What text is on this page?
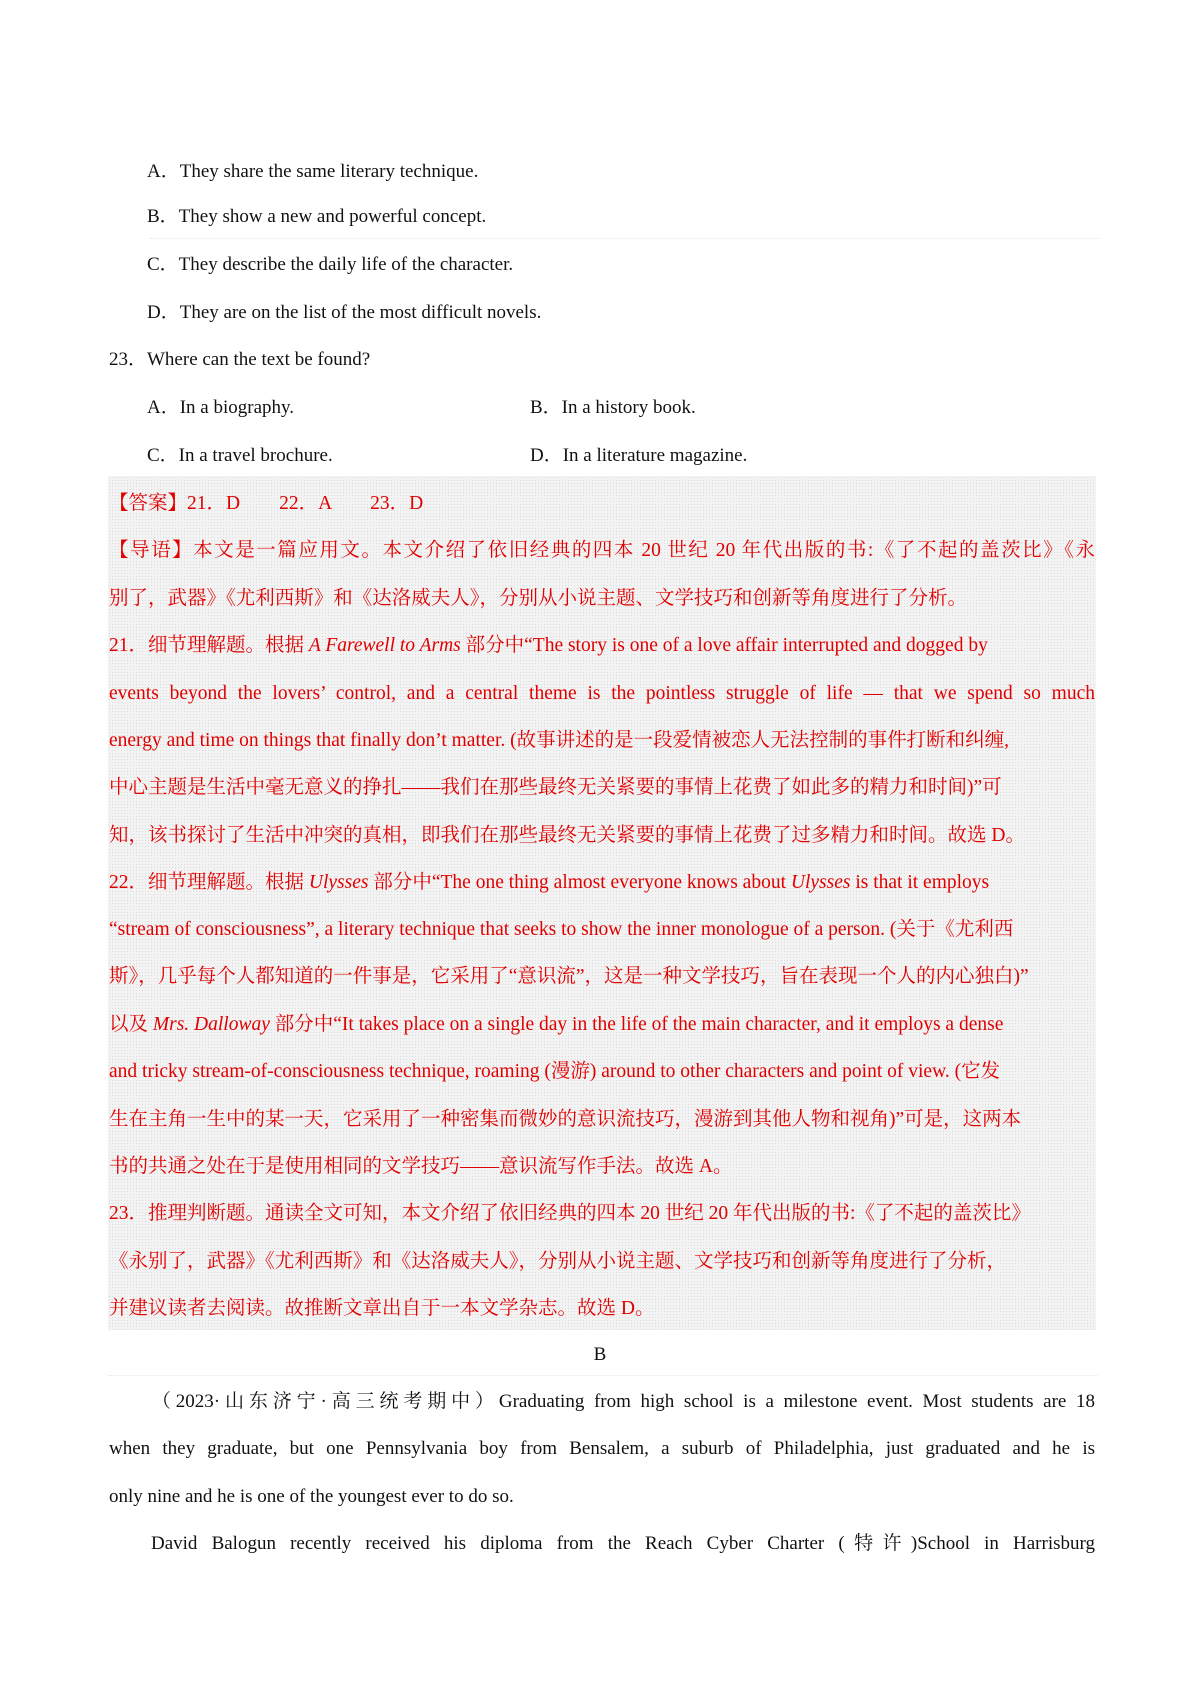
A．They share the same literary technique.
B．They show a new and powerful concept.
C．They describe the daily life of the character.
D．They are on the list of the most difficult novels.
23．Where can the text be found?
A．In a biography.	B．In a history book.
C．In a travel brochure.	D．In a literature magazine.
【答案】21．D　　22．A　　23．D
【导语】本文是一篇应用文。本文介绍了依旧经典的四本 20 世纪 20 年代出版的书:《了不起的盖茨比》《永
别了，武器》《尤利西斯》和《达洛威夫人》，分别从小说主题、文学技巧和创新等角度进行了分析。
21．细节理解题。根据 A Farewell to Arms 部分中“The story is one of a love affair interrupted and dogged by
events beyond the lovers’ control, and a central theme is the pointless struggle of life — that we spend so much
energy and time on things that finally don’t matter. (故事讲述的是一段爱情被恋人无法控制的事件打断和纠缠,
中心主题是生活中毫无意义的挣扎——我们在那些最终无关紧要的事情上花费了如此多的精力和时间)”可
知，该书探讨了生活中冲突的真相，即我们在那些最终无关紧要的事情上花费了过多精力和时间。故选 D。
22．细节理解题。根据 Ulysses 部分中“The one thing almost everyone knows about Ulysses is that it employs
“stream of consciousness”, a literary technique that seeks to show the inner monologue of a person. (关于《尤利西
斯》，几乎每个人都知道的一件事是，它采用了“意识流”，这是一种文学技巧，旨在表现一个人的内心独白)”
以及 Mrs. Dalloway 部分中“It takes place on a single day in the life of the main character, and it employs a dense
and tricky stream-of-consciousness technique, roaming (漫游) around to other characters and point of view. (它发
生在主角一生中的某一天，它采用了一种密集而微妙的意识流技巧，漫游到其他人物和视角)”可是，这两本
书的共通之处在于是使用相同的文学技巧——意识流写作手法。故选 A。
23．推理判断题。通读全文可知，本文介绍了依旧经典的四本 20 世纪 20 年代出版的书:《了不起的盖茨比》
《永别了，武器》《尤利西斯》和《达洛威夫人》，分别从小说主题、文学技巧和创新等角度进行了分析，
并建议读者去阅读。故推断文章出自于一本文学杂志。故选 D。
B
（2023·山东济宁·高三统考期中）Graduating from high school is a milestone event. Most students are 18
when they graduate, but one Pennsylvania boy from Bensalem, a suburb of Philadelphia, just graduated and he is
only nine and he is one of the youngest ever to do so.
David Balogun recently received his diploma from the Reach Cyber Charter (特许)School in Harrisburg
